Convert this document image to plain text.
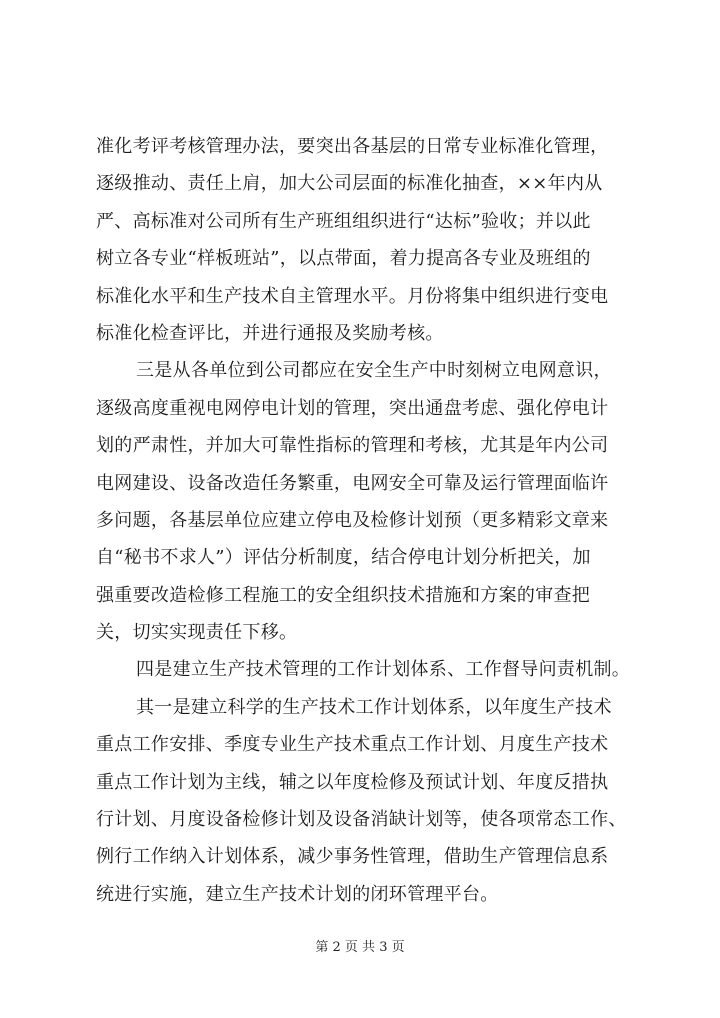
准化考评考核管理办法，要突出各基层的日常专业标准化管理，
逐级推动、责任上肩，加大公司层面的标准化抽查，××年内从
严、高标准对公司所有生产班组组织进行“达标”验收；并以此
树立各专业“样板班站”，以点带面，着力提高各专业及班组的
标准化水平和生产技术自主管理水平。月份将集中组织进行变电
标准化检查评比，并进行通报及奖励考核。
三是从各单位到公司都应在安全生产中时刻树立电网意识，
逐级高度重视电网停电计划的管理，突出通盘考虑、强化停电计
划的严肃性，并加大可靠性指标的管理和考核，尤其是年内公司
电网建设、设备改造任务繁重，电网安全可靠及运行管理面临许
多问题，各基层单位应建立停电及检修计划预（更多精彩文章来
自“秘书不求人”）评估分析制度，结合停电计划分析把关，加
强重要改造检修工程施工的安全组织技术措施和方案的审查把
关，切实实现责任下移。
四是建立生产技术管理的工作计划体系、工作督导问责机制。
其一是建立科学的生产技术工作计划体系，以年度生产技术
重点工作安排、季度专业生产技术重点工作计划、月度生产技术
重点工作计划为主线，辅之以年度检修及预试计划、年度反措执
行计划、月度设备检修计划及设备消缺计划等，使各项常态工作、
例行工作纳入计划体系，减少事务性管理，借助生产管理信息系
统进行实施，建立生产技术计划的闭环管理平台。
第 2 页 共 3 页
